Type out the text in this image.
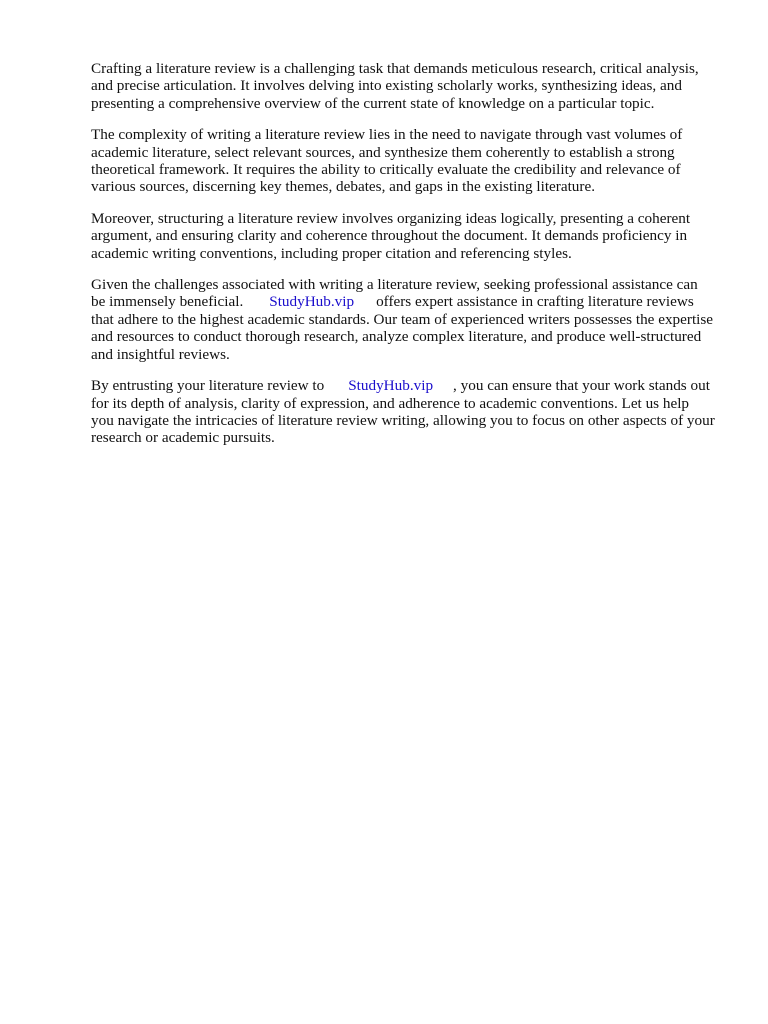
Crafting a literature review is a challenging task that demands meticulous research, critical analysis, and precise articulation. It involves delving into existing scholarly works, synthesizing ideas, and presenting a comprehensive overview of the current state of knowledge on a particular topic.

The complexity of writing a literature review lies in the need to navigate through vast volumes of academic literature, select relevant sources, and synthesize them coherently to establish a strong theoretical framework. It requires the ability to critically evaluate the credibility and relevance of various sources, discerning key themes, debates, and gaps in the existing literature.

Moreover, structuring a literature review involves organizing ideas logically, presenting a coherent argument, and ensuring clarity and coherence throughout the document. It demands proficiency in academic writing conventions, including proper citation and referencing styles.

Given the challenges associated with writing a literature review, seeking professional assistance can be immensely beneficial. StudyHub.vip offers expert assistance in crafting literature reviews that adhere to the highest academic standards. Our team of experienced writers possesses the expertise and resources to conduct thorough research, analyze complex literature, and produce well-structured and insightful reviews.

By entrusting your literature review to StudyHub.vip , you can ensure that your work stands out for its depth of analysis, clarity of expression, and adherence to academic conventions. Let us help you navigate the intricacies of literature review writing, allowing you to focus on other aspects of your research or academic pursuits.
